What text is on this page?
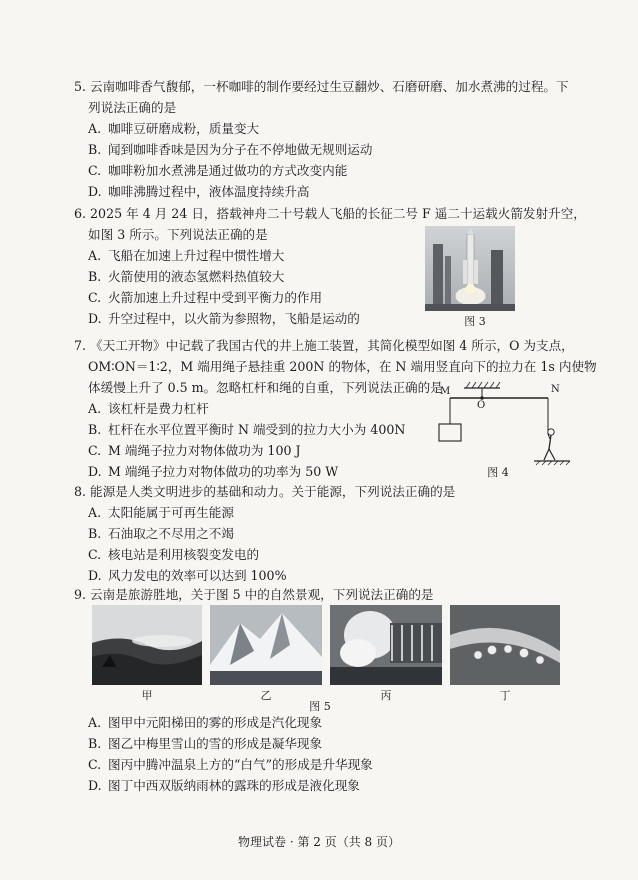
5. 云南咖啡香气馥郁，一杯咖啡的制作要经过生豆翻炒、石磨研磨、加水煮沸的过程。下

列说法正确的是

A. 咖啡豆研磨成粉，质量变大

B. 闻到咖啡香味是因为分子在不停地做无规则运动

C. 咖啡粉加水煮沸是通过做功的方式改变内能

D. 咖啡沸腾过程中，液体温度持续升高

6. 2025 年 4 月 24 日，搭载神舟二十号载人飞船的长征二号 F 遥二十运载火箭发射升空，

如图 3 所示。下列说法正确的是

A. 飞船在加速上升过程中惯性增大

B. 火箭使用的液态氢燃料热值较大

C. 火箭加速上升过程中受到平衡力的作用

D. 升空过程中，以火箭为参照物，飞船是运动的	图 3

7. 《天工开物》中记载了我国古代的井上施工装置，其简化模型如图 4 所示，O 为支点，

OM∶ON＝1∶2，M 端用绳子悬挂重 200N 的物体，在 N 端用竖直向下的拉力在 1s 内使物

体缓慢上升了 0.5 m。忽略杠杆和绳的自重，下列说法正确的是

A. 该杠杆是费力杠杆

B. 杠杆在水平位置平衡时 N 端受到的拉力大小为 400N

C. M 端绳子拉力对物体做功为 100 J

D. M 端绳子拉力对物体做功的功率为 50 W

M
O
N
图 4

8. 能源是人类文明进步的基础和动力。关于能源，下列说法正确的是

A. 太阳能属于可再生能源

B. 石油取之不尽用之不竭

C. 核电站是利用核裂变发电的

D. 风力发电的效率可以达到 100%

9. 云南是旅游胜地，关于图 5 中的自然景观，下列说法正确的是

甲	乙	丙	丁
图 5

A. 图甲中元阳梯田的雾的形成是汽化现象

B. 图乙中梅里雪山的雪的形成是凝华现象

C. 图丙中腾冲温泉上方的“白气”的形成是升华现象

D. 图丁中西双版纳雨林的露珠的形成是液化现象

物理试卷 · 第 2 页（共 8 页）
